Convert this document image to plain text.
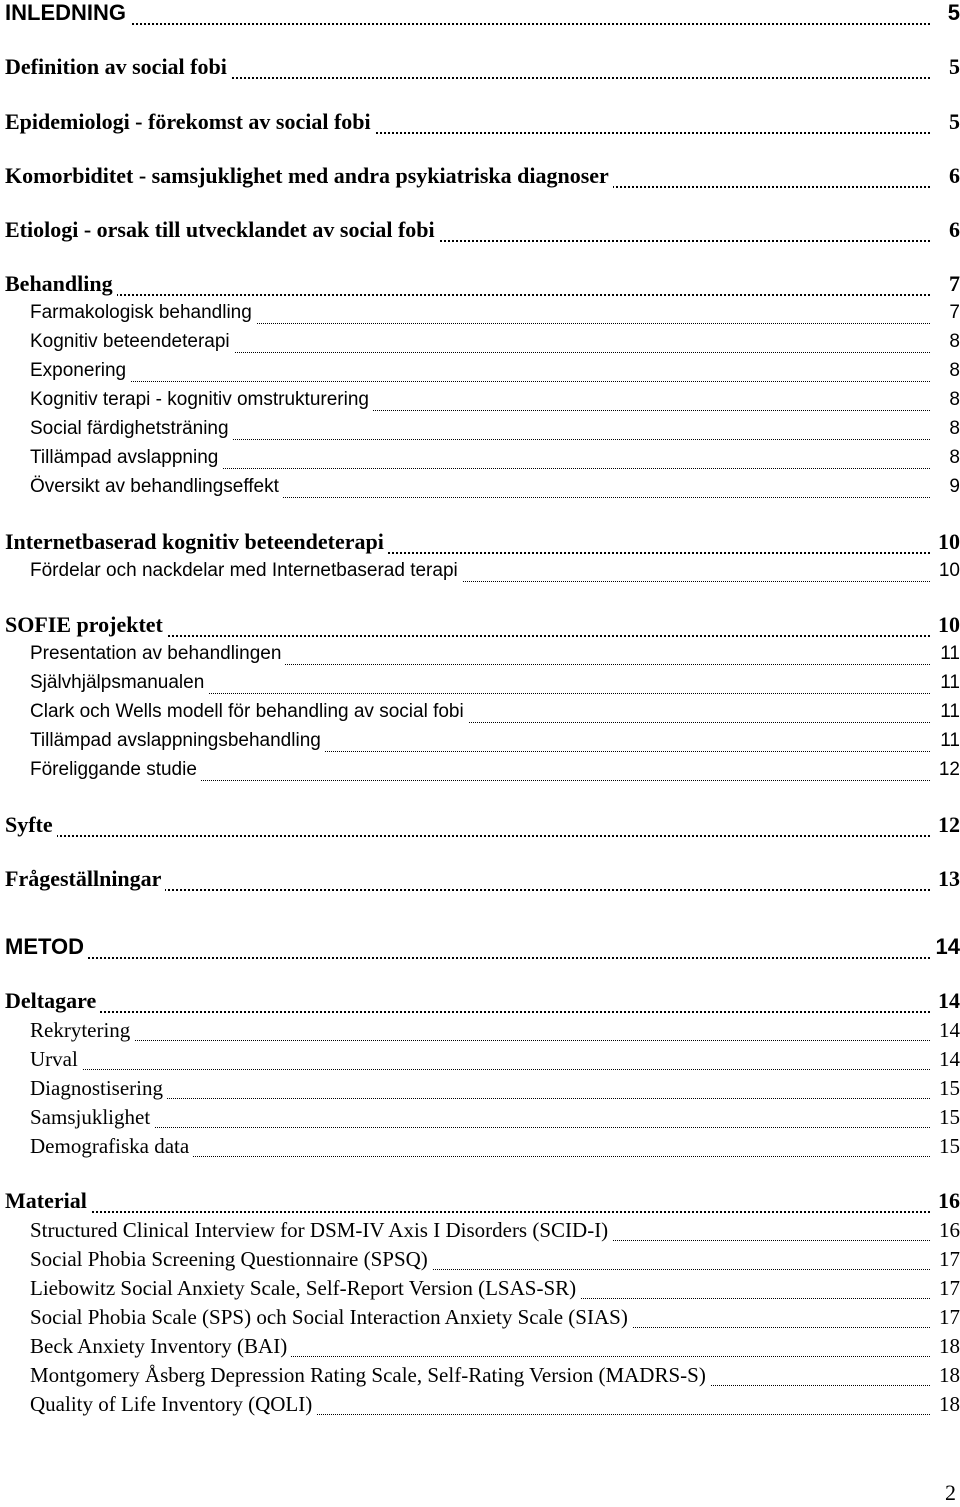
INLEDNING	5
Definition av social fobi	5
Epidemiologi - förekomst av social fobi	5
Komorbiditet - samsjuklighet med andra psykiatriska diagnoser	6
Etiologi - orsak till utvecklandet av social fobi	6
Behandling	7
Farmakologisk behandling	7
Kognitiv beteendeterapi	8
Exponering	8
Kognitiv terapi - kognitiv omstrukturering	8
Social färdighetsträning	8
Tillämpad avslappning	8
Översikt av behandlingseffekt	9
Internetbaserad kognitiv beteendeterapi	10
Fördelar och nackdelar med Internetbaserad terapi	10
SOFIE projektet	10
Presentation av behandlingen	11
Självhjälpsmanualen	11
Clark och Wells modell för behandling av social fobi	11
Tillämpad avslappningsbehandling	11
Föreliggande studie	12
Syfte	12
Frågeställningar	13
METOD	14
Deltagare	14
Rekrytering	14
Urval	14
Diagnostisering	15
Samsjuklighet	15
Demografiska data	15
Material	16
Structured Clinical Interview for DSM-IV Axis I Disorders (SCID-I)	16
Social Phobia Screening Questionnaire (SPSQ)	17
Liebowitz Social Anxiety Scale, Self-Report Version (LSAS-SR)	17
Social Phobia Scale (SPS) och Social Interaction Anxiety Scale (SIAS)	17
Beck Anxiety Inventory (BAI)	18
Montgomery Åsberg Depression Rating Scale, Self-Rating Version (MADRS-S)	18
Quality of Life Inventory (QOLI)	18
2
